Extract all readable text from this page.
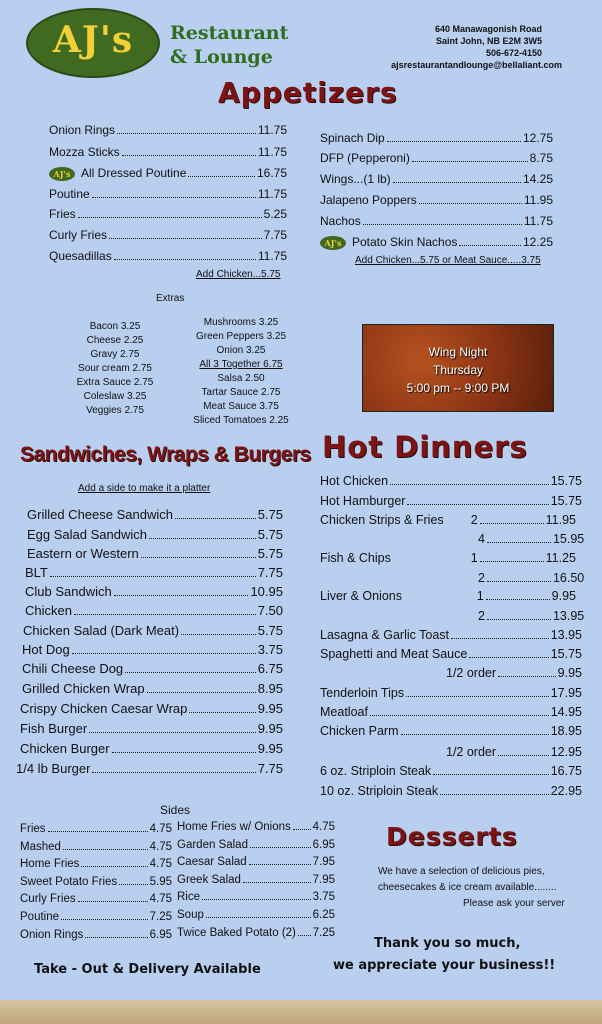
AJ's	Restaurant
& Lounge
640 Manawagonish Road
Saint John, NB E2M 3W5
506-672-4150
ajsrestaurantandlounge@bellaliant.com
Appetizers
Onion Rings	11.75
Mozza Sticks	11.75
AJ's All Dressed Poutine	16.75
Poutine	11.75
Fries	5.25
Curly Fries	7.75
Quesadillas	11.75
Add Chicken...5.75
Spinach Dip	12.75
DFP (Pepperoni)	8.75
Wings...(1 lb)	14.25
Jalapeno Poppers	11.95
Nachos	11.75
AJ's Potato Skin Nachos	12.25
Add Chicken...5.75 or Meat Sauce.....3.75
Extras
Bacon 3.25
Cheese 2.25
Gravy 2.75
Sour cream 2.75
Extra Sauce 2.75
Coleslaw 3.25
Veggies 2.75
Mushrooms 3.25
Green Peppers 3.25
Onion 3.25
All 3 Together 6.75
Salsa 2.50
Tartar Sauce 2.75
Meat Sauce 3.75
Sliced Tomatoes 2.25
Wing Night
Thursday
5:00 pm -- 9:00 PM
Sandwiches, Wraps & Burgers
Add a side to make it a platter
Grilled Cheese Sandwich	5.75
Egg Salad Sandwich	5.75
Eastern or Western	5.75
BLT	7.75
Club Sandwich	10.95
Chicken	7.50
Chicken Salad (Dark Meat)	5.75
Hot Dog	3.75
Chili Cheese Dog	6.75
Grilled Chicken Wrap	8.95
Crispy Chicken Caesar Wrap	9.95
Fish Burger	9.95
Chicken Burger	9.95
1/4 lb Burger	7.75
Hot Dinners
Hot Chicken	15.75
Hot Hamburger	15.75
Chicken Strips & Fries	2	11.95
4	15.95
Fish & Chips	1	11.25
2	16.50
Liver & Onions	1	9.95
2	13.95
Lasagna & Garlic Toast	13.95
Spaghetti and Meat Sauce	15.75
1/2 order	9.95
Tenderloin Tips	17.95
Meatloaf	14.95
Chicken Parm	18.95
1/2 order	12.95
6 oz. Striploin Steak	16.75
10 oz. Striploin Steak	22.95
Sides
Fries	4.75
Mashed	4.75
Home Fries	4.75
Sweet Potato Fries	5.95
Curly Fries	4.75
Poutine	7.25
Onion Rings	6.95
Home Fries w/ Onions 4.75
Garden Salad	6.95
Caesar Salad	7.95
Greek Salad	7.95
Rice	3.75
Soup	6.25
Twice Baked Potato (2) 7.25
Desserts
We have a selection of delicious pies,
cheesecakes & ice cream available........
Please ask your server
Thank you so much,
we appreciate your business!!
Take - Out & Delivery Available
